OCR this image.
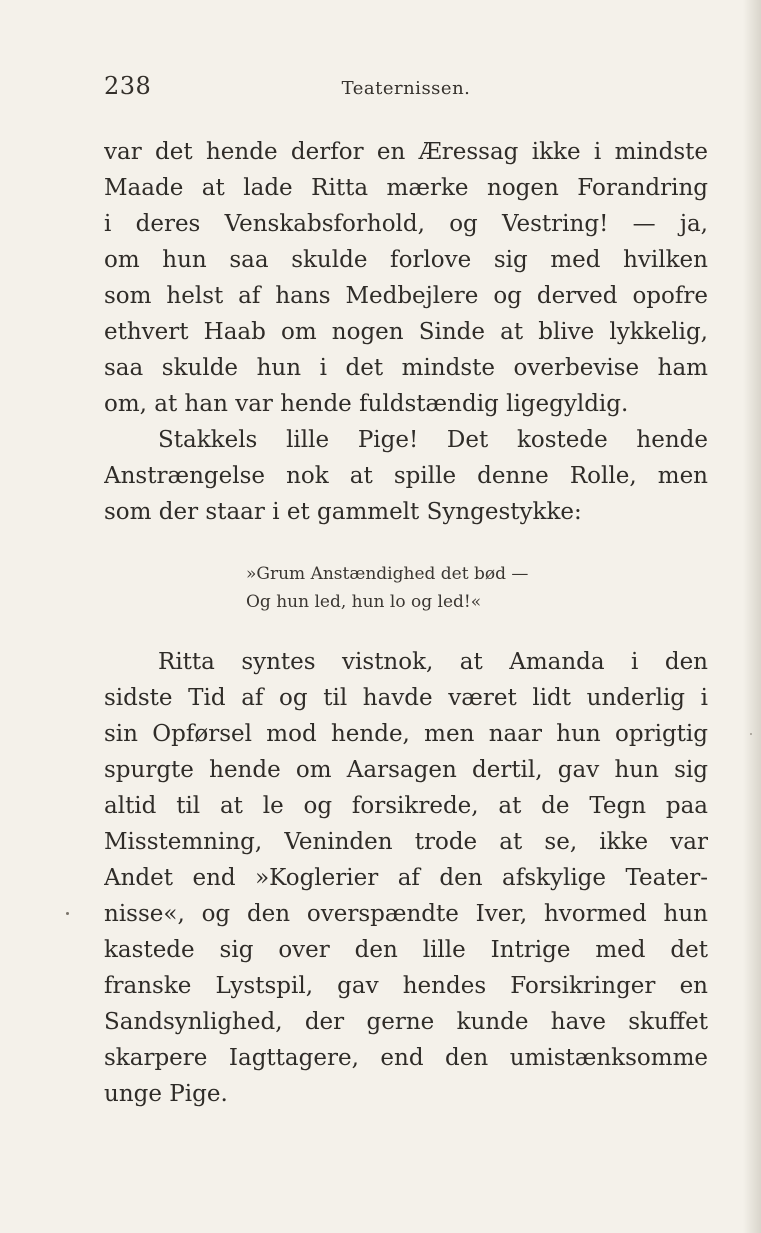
238	Teaternissen.
var det hende derfor en Æressag ikke i mindste
Maade at lade Ritta mærke nogen Forandring
i deres Venskabsforhold, og Vestring! — ja,
om hun saa skulde forlove sig med hvilken
som helst af hans Medbejlere og derved opofre
ethvert Haab om nogen Sinde at blive lykkelig,
saa skulde hun i det mindste overbevise ham
om, at han var hende fuldstændig ligegyldig.
Stakkels lille Pige! Det kostede hende
Anstrængelse nok at spille denne Rolle, men
som der staar i et gammelt Syngestykke:
»Grum Anstændighed det bød —
Og hun led, hun lo og led!«
Ritta syntes vistnok, at Amanda i den
sidste Tid af og til havde været lidt underlig i
sin Opførsel mod hende, men naar hun oprigtig
spurgte hende om Aarsagen dertil, gav hun sig
altid til at le og forsikrede, at de Tegn paa
Misstemning, Veninden trode at se, ikke var
Andet end »Koglerier af den afskylige Teater-
nisse«, og den overspændte Iver, hvormed hun
kastede sig over den lille Intrige med det
franske Lystspil, gav hendes Forsikringer en
Sandsynlighed, der gerne kunde have skuffet
skarpere Iagttagere, end den umistænksomme
unge Pige.
